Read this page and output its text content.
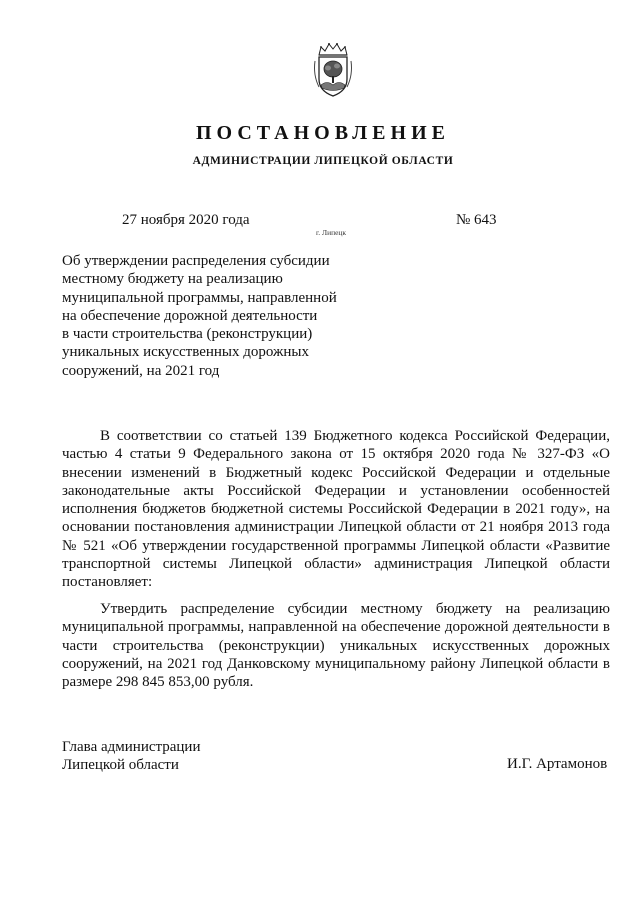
ПОСТАНОВЛЕНИЕ
АДМИНИСТРАЦИИ ЛИПЕЦКОЙ ОБЛАСТИ
27 ноября 2020 года
г. Липецк
№ 643
Об утверждении распределения субсидии
местному бюджету на реализацию
муниципальной программы, направленной
на обеспечение дорожной деятельности
в части строительства (реконструкции)
уникальных искусственных дорожных
сооружений, на 2021 год

В соответствии со статьей 139 Бюджетного кодекса Российской Федерации, частью 4 статьи 9 Федерального закона от 15 октября 2020 года № 327-ФЗ «О внесении изменений в Бюджетный кодекс Российской Федерации и отдельные законодательные акты Российской Федерации и установлении особенностей исполнения бюджетов бюджетной системы Российской Федерации в 2021 году», на основании постановления администрации Липецкой области от 21 ноября 2013 года № 521 «Об утверждении государственной программы Липецкой области «Развитие транспортной системы Липецкой области» администрация Липецкой области постановляет:

Утвердить распределение субсидии местному бюджету на реализацию муниципальной программы, направленной на обеспечение дорожной деятельности в части строительства (реконструкции) уникальных искусственных дорожных сооружений, на 2021 год Данковскому муниципальному району Липецкой области в размере 298 845 853,00 рубля.

Глава администрации
Липецкой области	И.Г. Артамонов
